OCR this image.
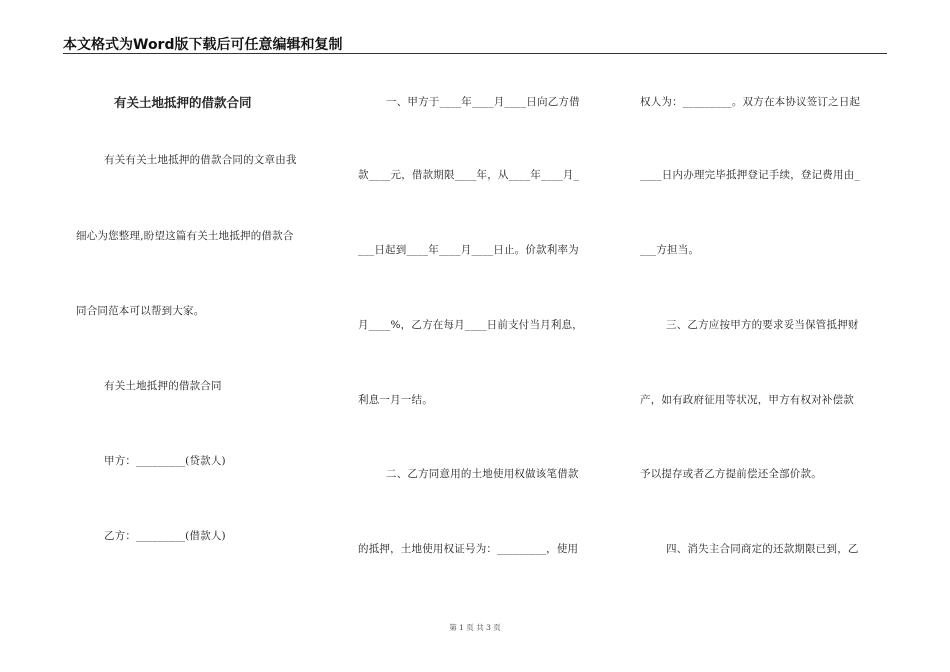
本文格式为Word版下载后可任意编辑和复制
有关土地抵押的借款合同
有关有关土地抵押的借款合同的文章由我
细心为您整理,盼望这篇有关土地抵押的借款合
同合同范本可以帮到大家。
有关土地抵押的借款合同
甲方：_________(贷款人)
乙方：_________(借款人)
一、甲方于____年____月____日向乙方借
款____元，借款期限____年，从____年____月_
___日起到____年____月____日止。价款利率为
月____%，乙方在每月____日前支付当月利息，
利息一月一结。
二、乙方同意用的土地使用权做该笔借款
的抵押，土地使用权证号为：_________，使用
权人为：_________。双方在本协议签订之日起
____日内办理完毕抵押登记手续，登记费用由_
___方担当。
三、乙方应按甲方的要求妥当保管抵押财
产，如有政府征用等状况，甲方有权对补偿款
予以提存或者乙方提前偿还全部价款。
四、消失主合同商定的还款期限已到，乙
第 1 页 共 3 页
